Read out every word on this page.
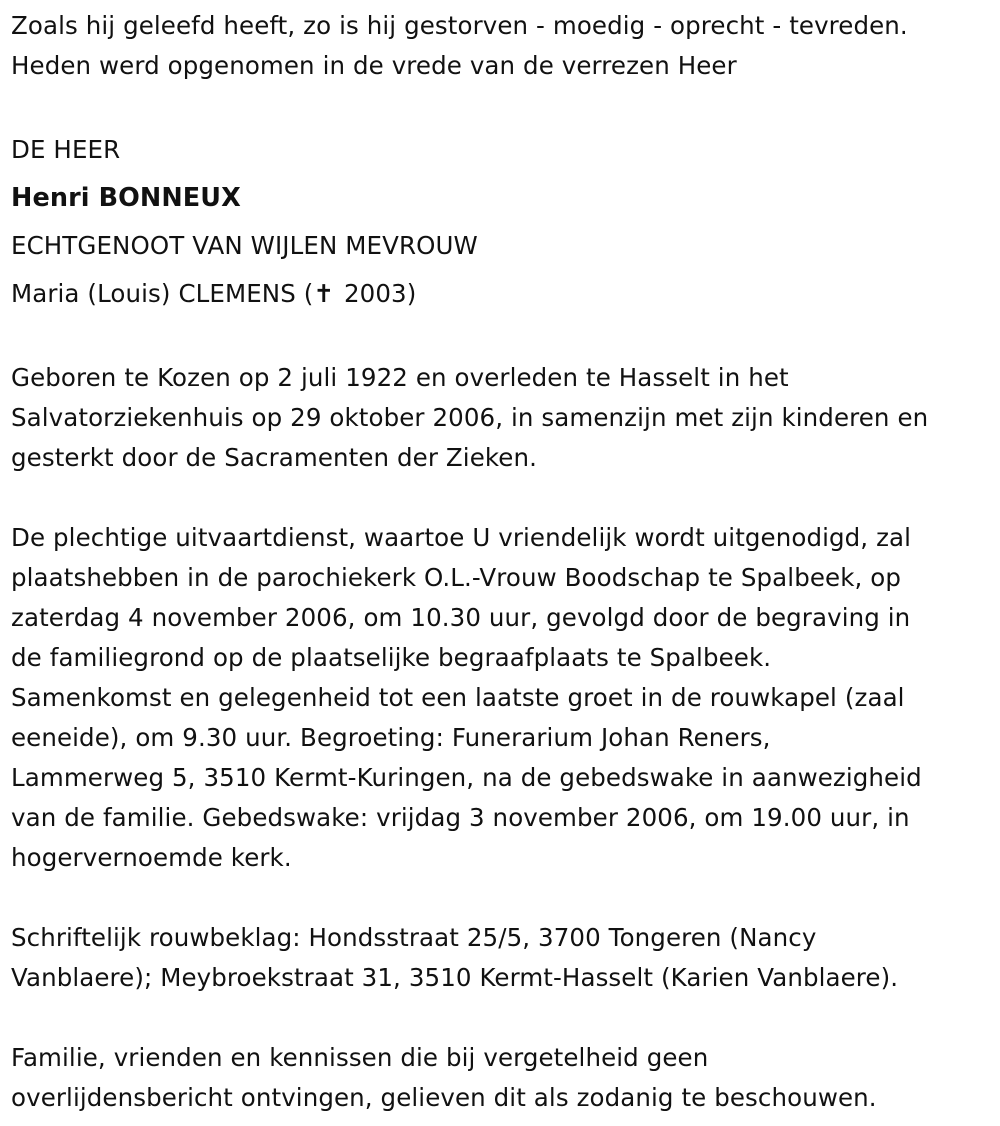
Zoals hij geleefd heeft, zo is hij gestorven - moedig - oprecht - tevreden.
Heden werd opgenomen in de vrede van de verrezen Heer
DE HEER
Henri BONNEUX
ECHTGENOOT VAN WIJLEN MEVROUW
Maria (Louis) CLEMENS (✝ 2003)
Geboren te Kozen op 2 juli 1922 en overleden te Hasselt in het
Salvatorziekenhuis op 29 oktober 2006, in samenzijn met zijn kinderen en
gesterkt door de Sacramenten der Zieken.
De plechtige uitvaartdienst, waartoe U vriendelijk wordt uitgenodigd, zal
plaatshebben in de parochiekerk O.L.-Vrouw Boodschap te Spalbeek, op
zaterdag 4 november 2006, om 10.30 uur, gevolgd door de begraving in
de familiegrond op de plaatselijke begraafplaats te Spalbeek.
Samenkomst en gelegenheid tot een laatste groet in de rouwkapel (zaal
eeneide), om 9.30 uur. Begroeting: Funerarium Johan Reners,
Lammerweg 5, 3510 Kermt-Kuringen, na de gebedswake in aanwezigheid
van de familie. Gebedswake: vrijdag 3 november 2006, om 19.00 uur, in
hogervernoemde kerk.
Schriftelijk rouwbeklag: Hondsstraat 25/5, 3700 Tongeren (Nancy
Vanblaere); Meybroekstraat 31, 3510 Kermt-Hasselt (Karien Vanblaere).
Familie, vrienden en kennissen die bij vergetelheid geen
overlijdensbericht ontvingen, gelieven dit als zodanig te beschouwen.
